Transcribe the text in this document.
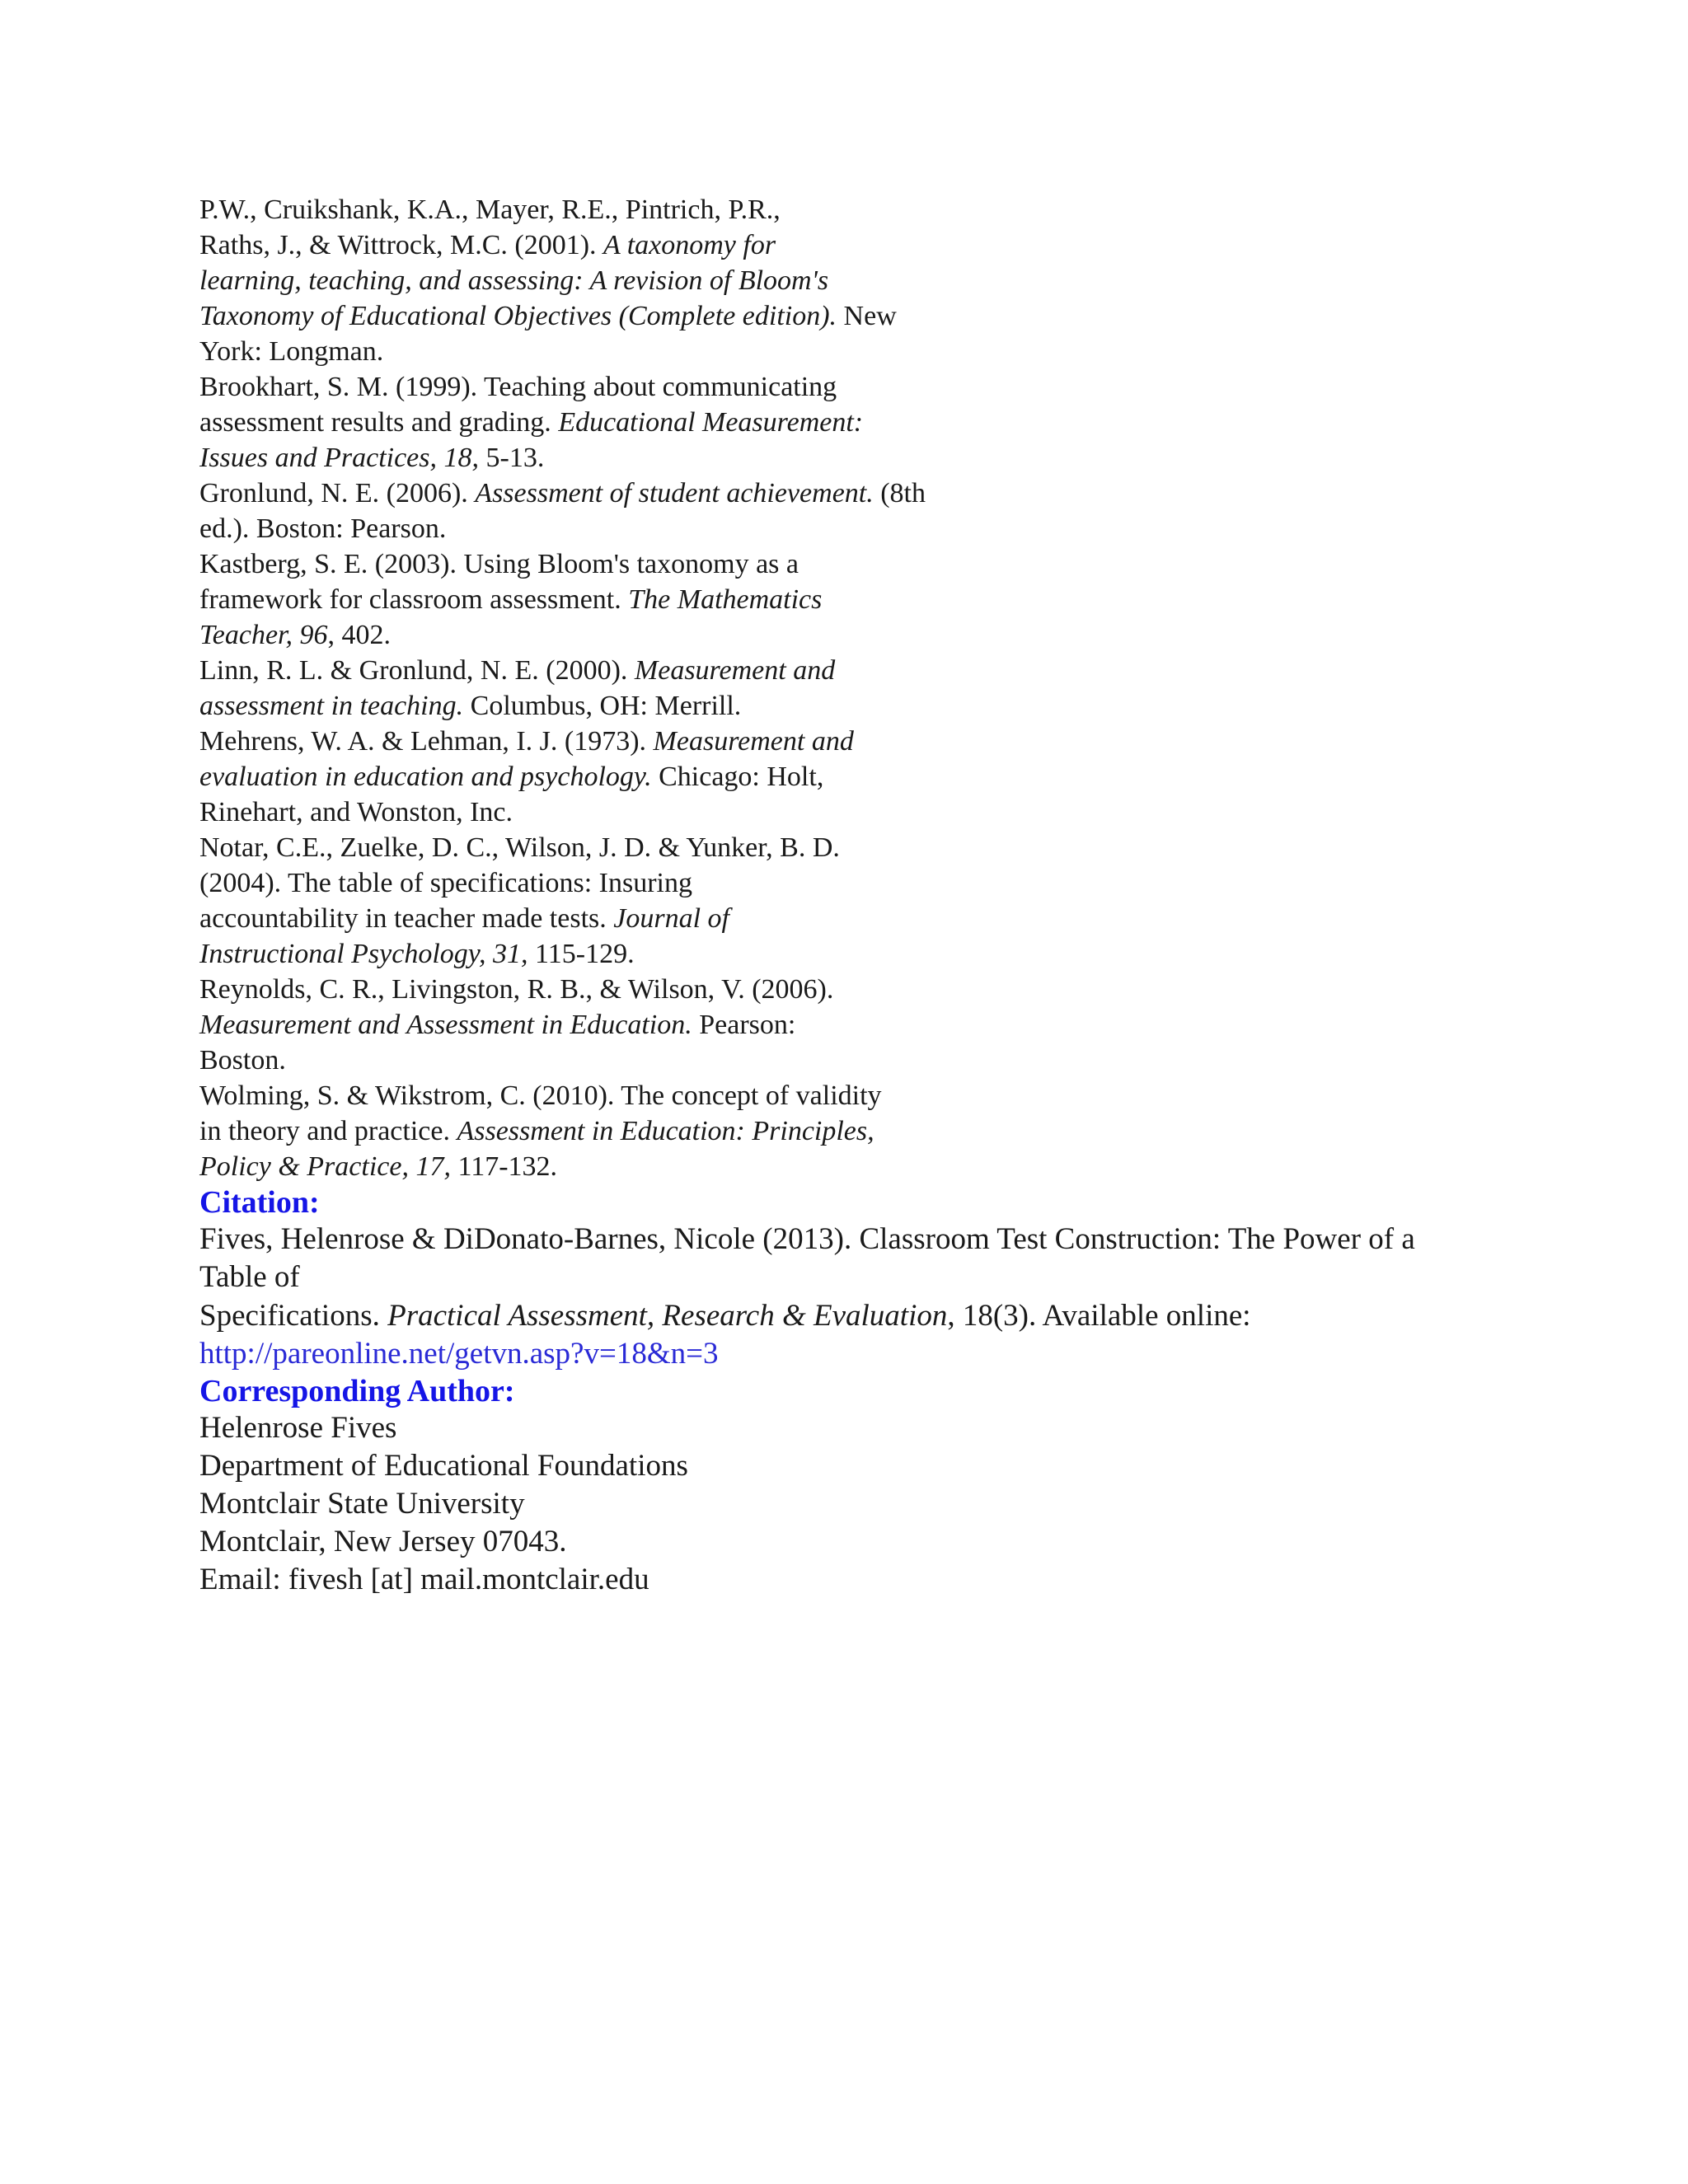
P.W., Cruikshank, K.A., Mayer, R.E., Pintrich, P.R.,
Raths, J., & Wittrock, M.C. (2001). A taxonomy for
learning, teaching, and assessing: A revision of Bloom's
Taxonomy of Educational Objectives (Complete edition). New
York: Longman.
Brookhart, S. M. (1999). Teaching about communicating
assessment results and grading. Educational Measurement:
Issues and Practices, 18, 5-13.
Gronlund, N. E. (2006). Assessment of student achievement. (8th
ed.). Boston: Pearson.
Kastberg, S. E. (2003). Using Bloom's taxonomy as a
framework for classroom assessment. The Mathematics
Teacher, 96, 402.
Linn, R. L. & Gronlund, N. E. (2000). Measurement and
assessment in teaching. Columbus, OH: Merrill.
Mehrens, W. A. & Lehman, I. J. (1973). Measurement and
evaluation in education and psychology. Chicago: Holt,
Rinehart, and Wonston, Inc.
Notar, C.E., Zuelke, D. C., Wilson, J. D. & Yunker, B. D.
(2004). The table of specifications: Insuring
accountability in teacher made tests. Journal of
Instructional Psychology, 31, 115-129.
Reynolds, C. R., Livingston, R. B., & Wilson, V. (2006).
Measurement and Assessment in Education. Pearson:
Boston.
Wolming, S. & Wikstrom, C. (2010). The concept of validity
in theory and practice. Assessment in Education: Principles,
Policy & Practice, 17, 117-132.
Citation:
Fives, Helenrose & DiDonato-Barnes, Nicole (2013). Classroom Test Construction: The Power of a
Table of
Specifications. Practical Assessment, Research & Evaluation, 18(3). Available online:
http://pareonline.net/getvn.asp?v=18&n=3
Corresponding Author:
Helenrose Fives
Department of Educational Foundations
Montclair State University
Montclair, New Jersey 07043.
Email: fivesh [at] mail.montclair.edu
